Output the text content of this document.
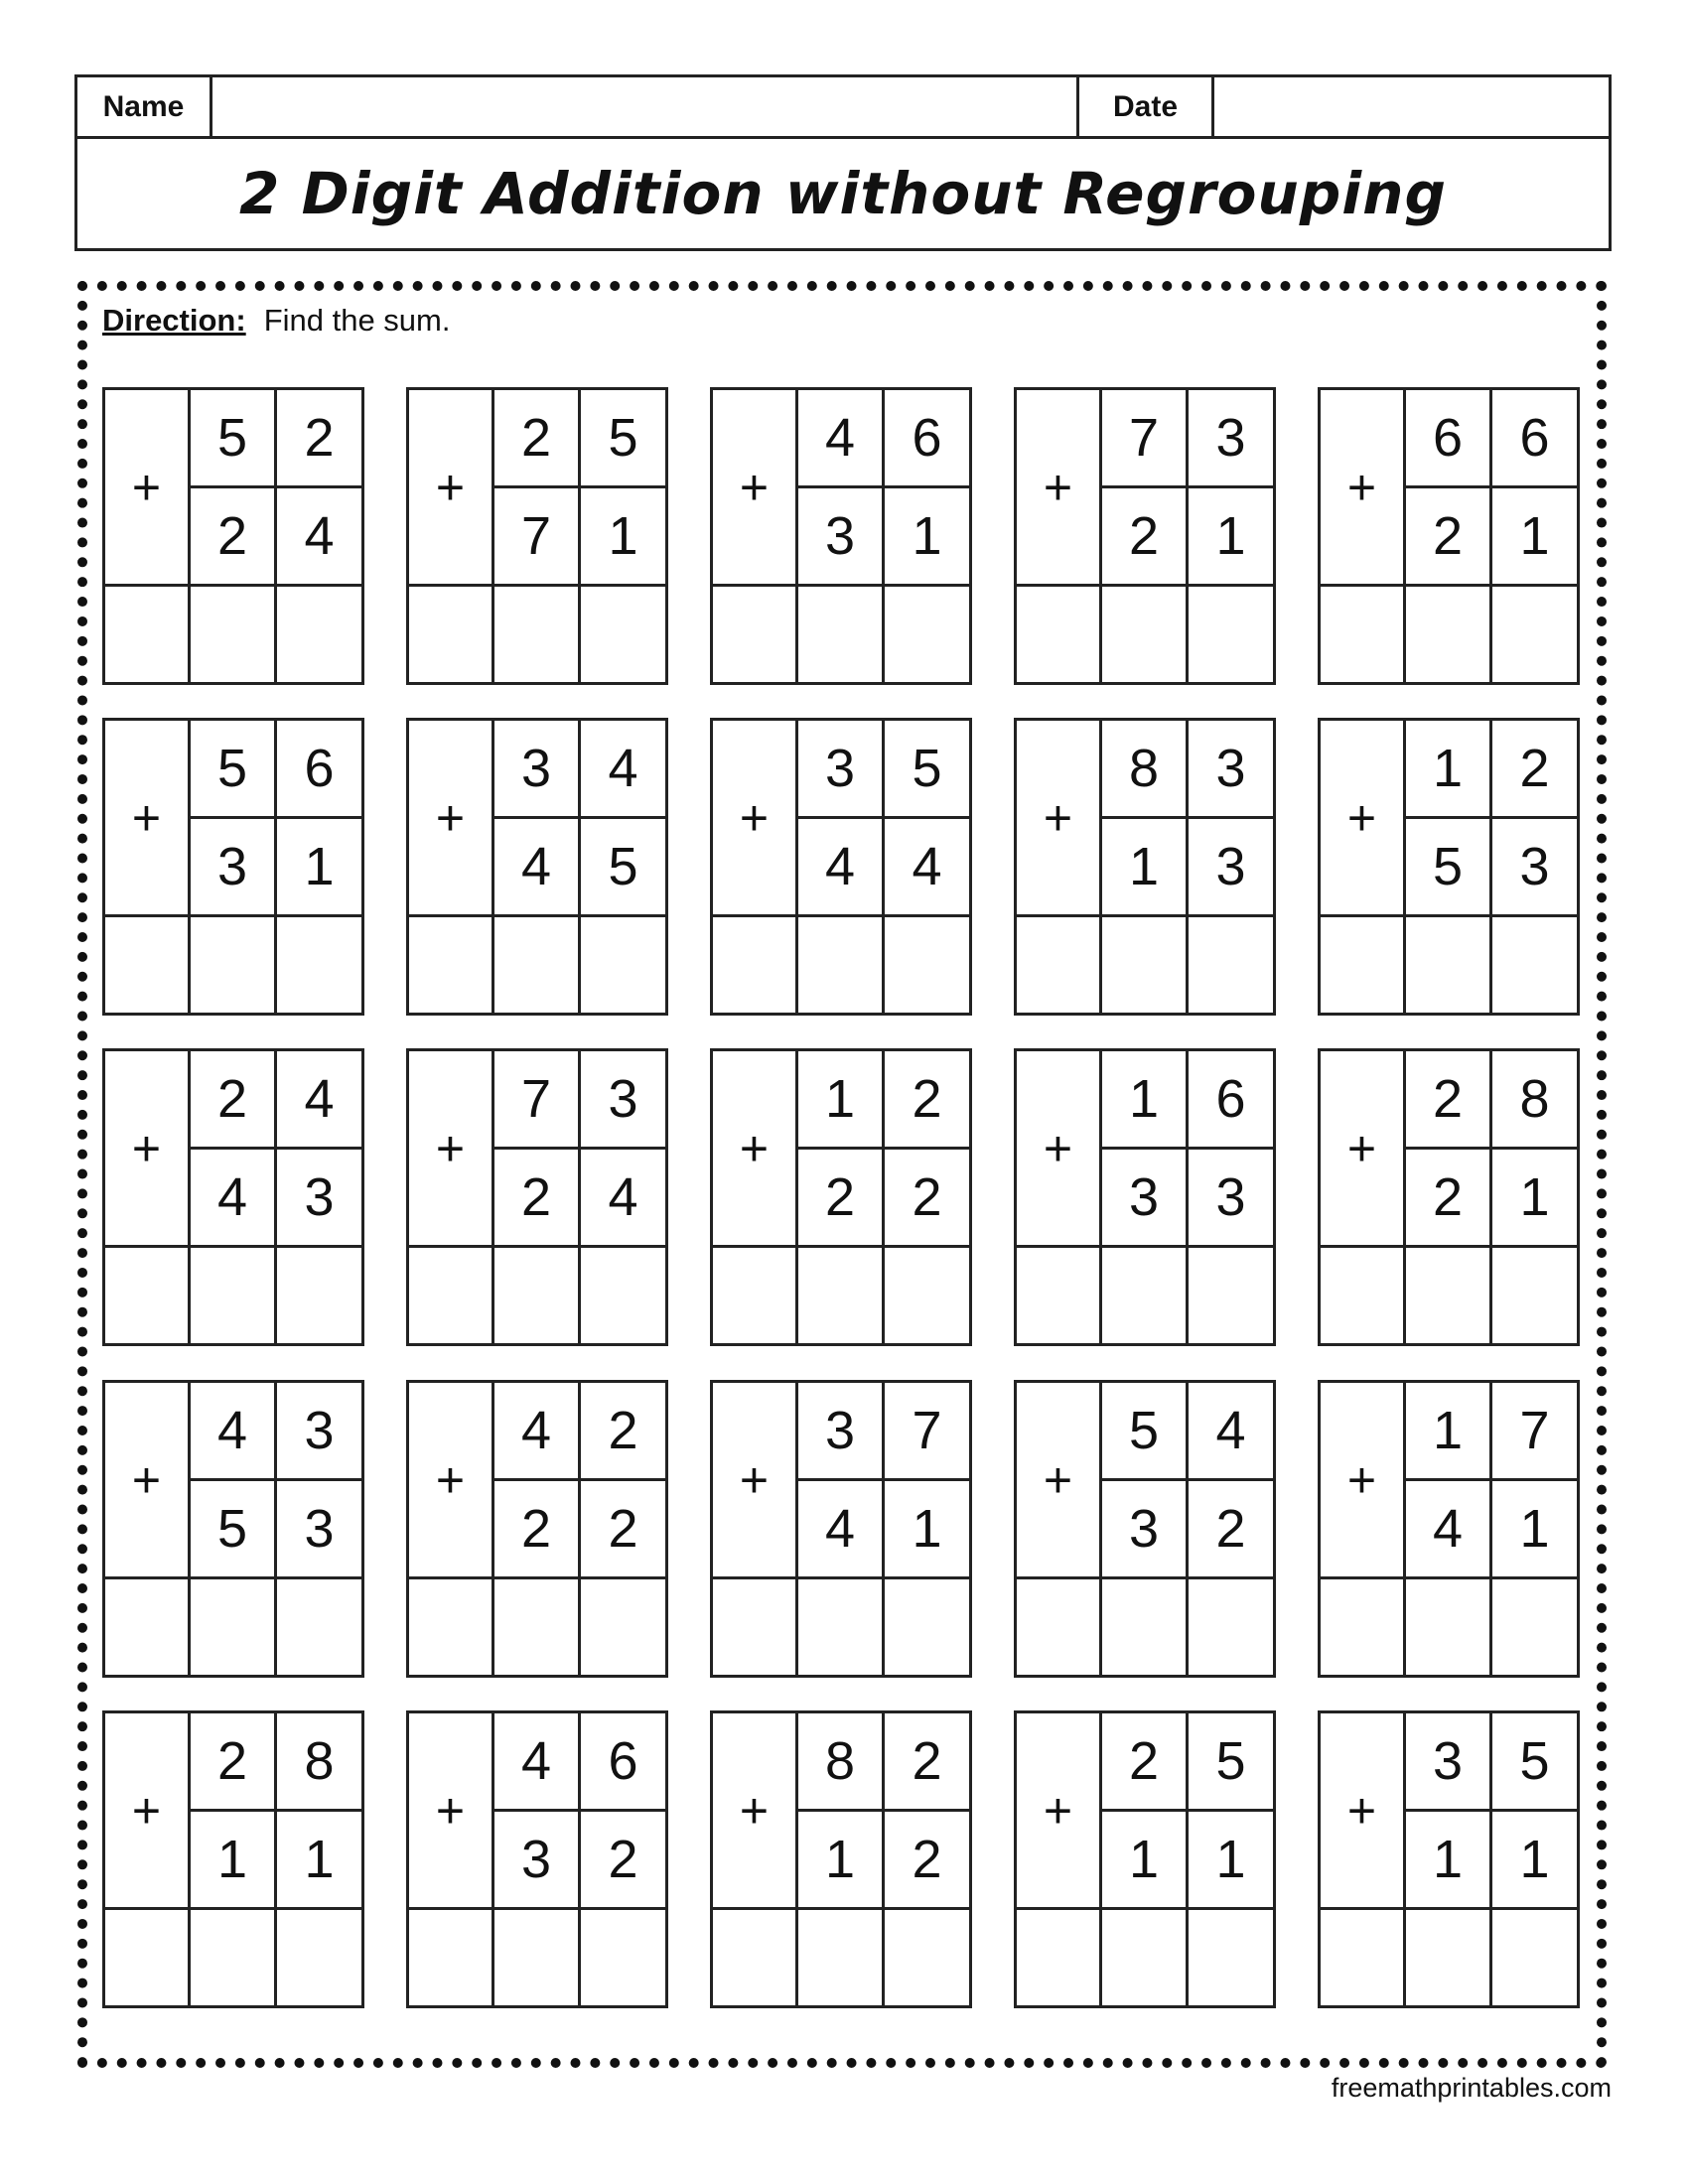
Name	Date
2 Digit Addition without Regrouping
Direction: Find the sum.
+
5	2
2	4
+
2	5
7	1
+
4	6
3	1
+
7	3
2	1
+
6	6
2	1
+
5	6
3	1
+
3	4
4	5
+
3	5
4	4
+
8	3
1	3
+
1	2
5	3
+
2	4
4	3
+
7	3
2	4
+
1	2
2	2
+
1	6
3	3
+
2	8
2	1
+
4	3
5	3
+
4	2
2	2
+
3	7
4	1
+
5	4
3	2
+
1	7
4	1
+
2	8
1	1
+
4	6
3	2
+
8	2
1	2
+
2	5
1	1
+
3	5
1	1
freemathprintables.com
